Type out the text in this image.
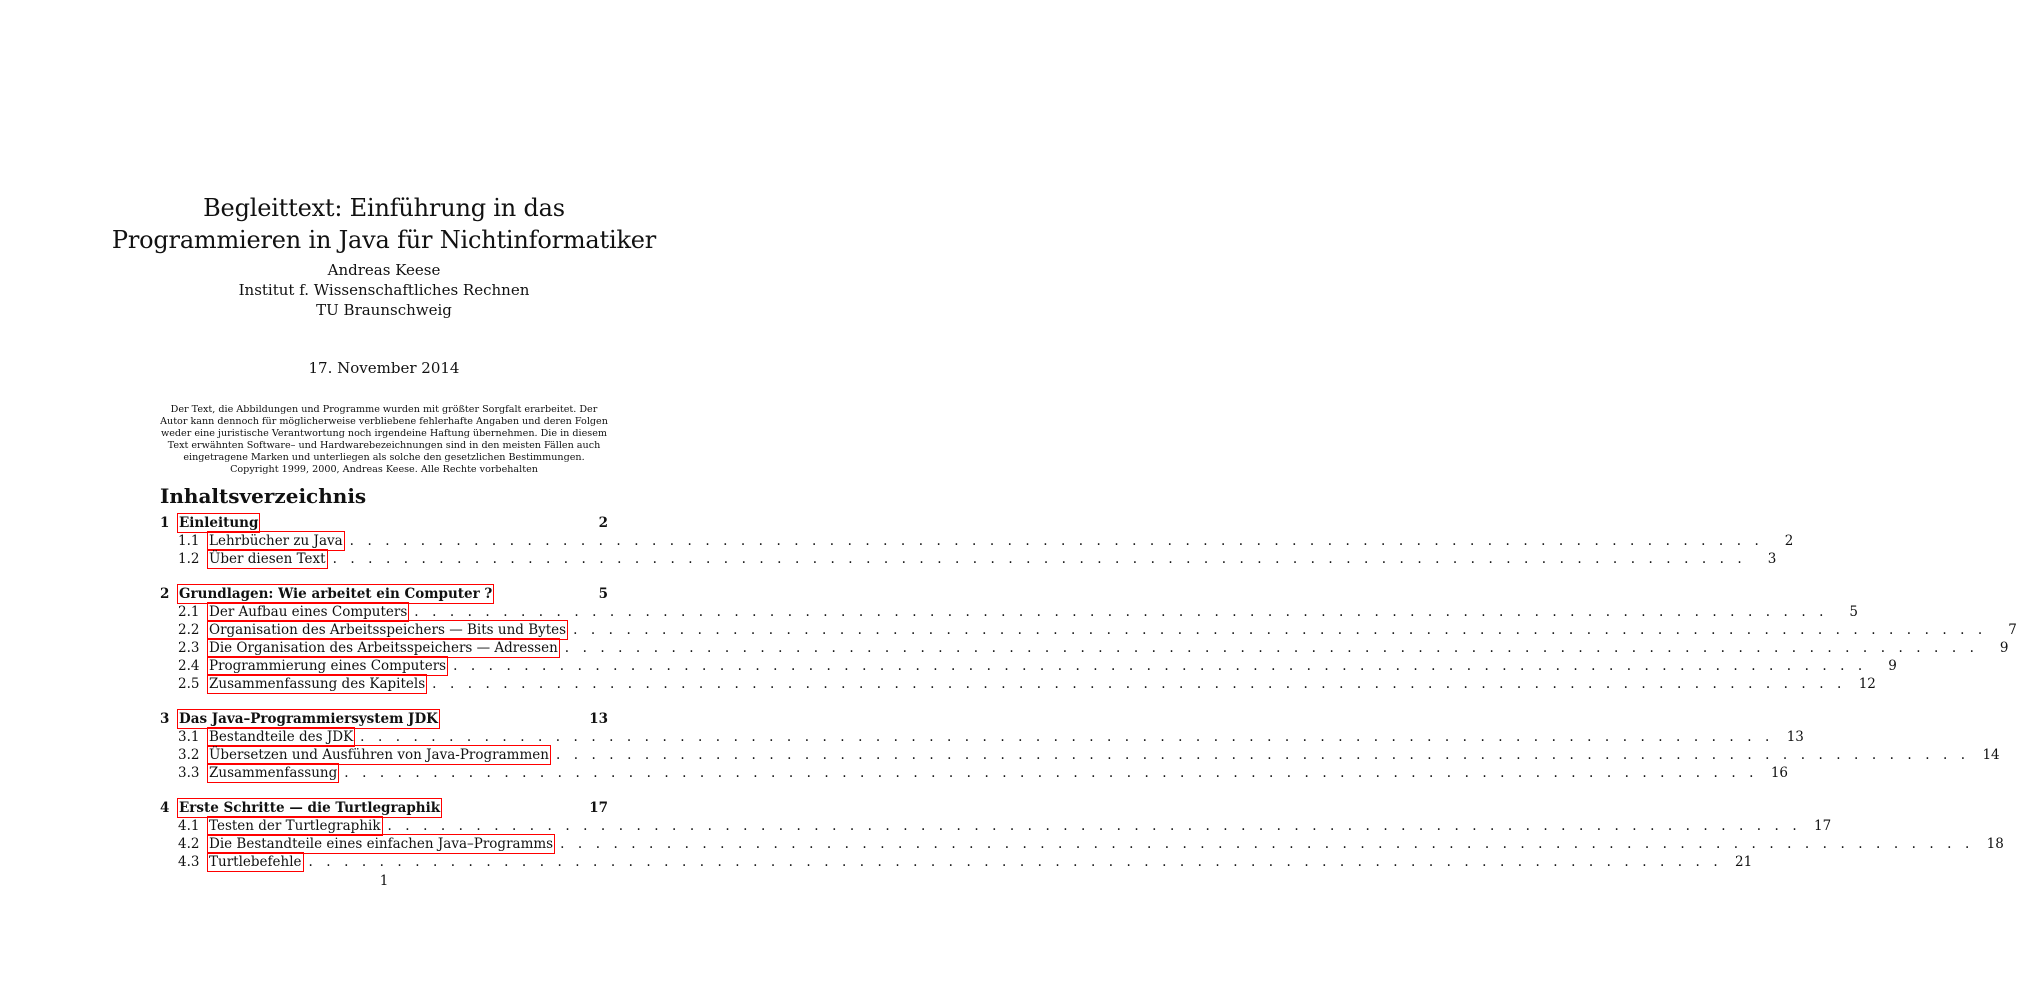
Begleittext: Einführung in das Programmieren in Java für Nichtinformatiker
Andreas Keese
Institut f. Wissenschaftliches Rechnen
TU Braunschweig
17. November 2014
Der Text, die Abbildungen und Programme wurden mit größter Sorgfalt erarbeitet. Der Autor kann dennoch für möglicherweise verbliebene fehlerhafte Angaben und deren Folgen weder eine juristische Verantwortung noch irgendeine Haftung übernehmen. Die in diesem Text erwähnten Software– und Hardwarebezeichnungen sind in den meisten Fällen auch eingetragene Marken und unterliegen als solche den gesetzlichen Bestimmungen.
Copyright 1999, 2000, Andreas Keese. Alle Rechte vorbehalten
Inhaltsverzeichnis
1 Einleitung	2
1.1 Lehrbücher zu Java . . . . . . . . . . . . . . . . . . . . . . . . . . . . . . . . . . . . . . . . . . . . . . . . . . . . . . . . . . . . . . . . . . . . . . . . . . . . . . . .	2
1.2 Über diesen Text . . . . . . . . . . . . . . . . . . . . . . . . . . . . . . . . . . . . . . . . . . . . . . . . . . . . . . . . . . . . . . . . . . . . . . . . . . . . . . . .	3
2 Grundlagen: Wie arbeitet ein Computer ?	5
2.1 Der Aufbau eines Computers . . . . . . . . . . . . . . . . . . . . . . . . . . . . . . . . . . . . . . . . . . . . . . . . . . . . . . . . . . . . . . . . . . . . . . . . . . . . . . . .	5
2.2 Organisation des Arbeitsspeichers — Bits und Bytes . . . . . . . . . . . . . . . . . . . . . . . . . . . . . . . . . . . . . . . . . . . . . . . . . . . . . . . . . . . . . . . . . . . . . . . . . . . . . . . .	7
2.3 Die Organisation des Arbeitsspeichers — Adressen . . . . . . . . . . . . . . . . . . . . . . . . . . . . . . . . . . . . . . . . . . . . . . . . . . . . . . . . . . . . . . . . . . . . . . . . . . . . . . . .	9
2.4 Programmierung eines Computers . . . . . . . . . . . . . . . . . . . . . . . . . . . . . . . . . . . . . . . . . . . . . . . . . . . . . . . . . . . . . . . . . . . . . . . . . . . . . . . .	9
2.5 Zusammenfassung des Kapitels . . . . . . . . . . . . . . . . . . . . . . . . . . . . . . . . . . . . . . . . . . . . . . . . . . . . . . . . . . . . . . . . . . . . . . . . . . . . . . . . 12
3 Das Java–Programmiersystem JDK	13
3.1 Bestandteile des JDK . . . . . . . . . . . . . . . . . . . . . . . . . . . . . . . . . . . . . . . . . . . . . . . . . . . . . . . . . . . . . . . . . . . . . . . . . . . . . . . . 13
3.2 Übersetzen und Ausführen von Java-Programmen . . . . . . . . . . . . . . . . . . . . . . . . . . . . . . . . . . . . . . . . . . . . . . . . . . . . . . . . . . . . . . . . . . . . . . . . . . . . . . . . 14
3.3 Zusammenfassung . . . . . . . . . . . . . . . . . . . . . . . . . . . . . . . . . . . . . . . . . . . . . . . . . . . . . . . . . . . . . . . . . . . . . . . . . . . . . . . . 16
4 Erste Schritte — die Turtlegraphik	17
4.1 Testen der Turtlegraphik . . . . . . . . . . . . . . . . . . . . . . . . . . . . . . . . . . . . . . . . . . . . . . . . . . . . . . . . . . . . . . . . . . . . . . . . . . . . . . . . 17
4.2 Die Bestandteile eines einfachen Java–Programms . . . . . . . . . . . . . . . . . . . . . . . . . . . . . . . . . . . . . . . . . . . . . . . . . . . . . . . . . . . . . . . . . . . . . . . . . . . . . . . . 18
4.3 Turtlebefehle . . . . . . . . . . . . . . . . . . . . . . . . . . . . . . . . . . . . . . . . . . . . . . . . . . . . . . . . . . . . . . . . . . . . . . . . . . . . . . . . 21
1
